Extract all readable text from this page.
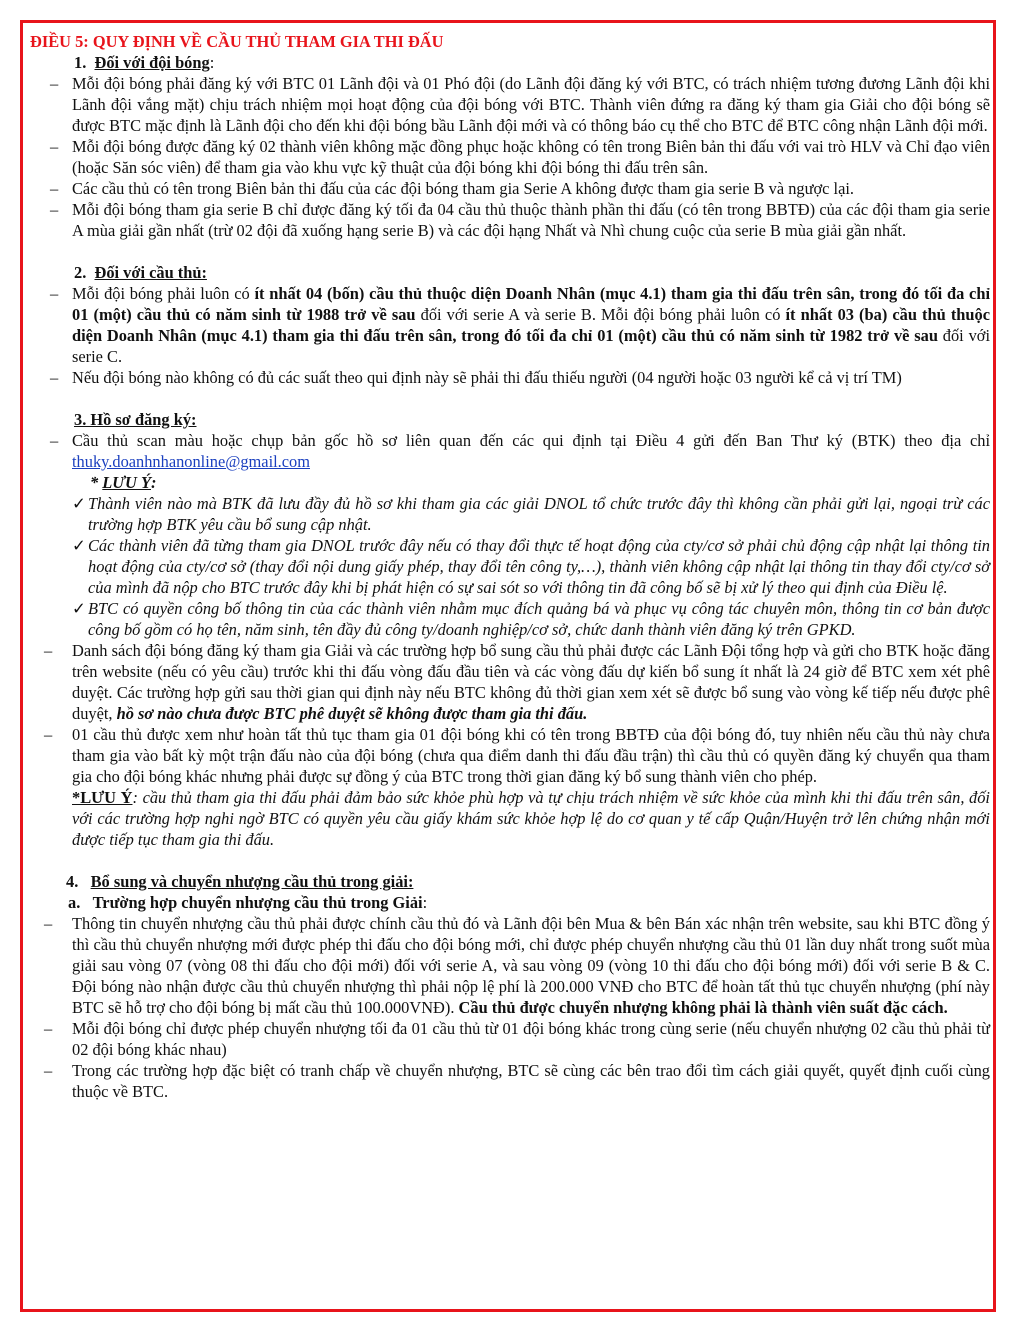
ĐIỀU 5: QUY ĐỊNH VỀ CẦU THỦ THAM GIA THI ĐẤU

1. Đối với đội bóng:
– Mỗi đội bóng phải đăng ký với BTC 01 Lãnh đội và 01 Phó đội (do Lãnh đội đăng ký với BTC, có trách nhiệm tương đương Lãnh đội khi Lãnh đội vắng mặt) chịu trách nhiệm mọi hoạt động của đội bóng với BTC. Thành viên đứng ra đăng ký tham gia Giải cho đội bóng sẽ được BTC mặc định là Lãnh đội cho đến khi đội bóng bầu Lãnh đội mới và có thông báo cụ thể cho BTC để BTC công nhận Lãnh đội mới.
– Mỗi đội bóng được đăng ký 02 thành viên không mặc đồng phục hoặc không có tên trong Biên bản thi đấu với vai trò HLV và Chỉ đạo viên (hoặc Săn sóc viên) để tham gia vào khu vực kỹ thuật của đội bóng khi đội bóng thi đấu trên sân.
– Các cầu thủ có tên trong Biên bản thi đấu của các đội bóng tham gia Serie A không được tham gia serie B và ngược lại.
– Mỗi đội bóng tham gia serie B chỉ được đăng ký tối đa 04 cầu thủ thuộc thành phần thi đấu (có tên trong BBTĐ) của các đội tham gia serie A mùa giải gần nhất (trừ 02 đội đã xuống hạng serie B) và các đội hạng Nhất và Nhì chung cuộc của serie B mùa giải gần nhất.
2. Đối với cầu thủ:
– Mỗi đội bóng phải luôn có ít nhất 04 (bốn) cầu thủ thuộc diện Doanh Nhân (mục 4.1) tham gia thi đấu trên sân, trong đó tối đa chỉ 01 (một) cầu thủ có năm sinh từ 1988 trở về sau đối với serie A và serie B. Mỗi đội bóng phải luôn có ít nhất 03 (ba) cầu thủ thuộc diện Doanh Nhân (mục 4.1) tham gia thi đấu trên sân, trong đó tối đa chỉ 01 (một) cầu thủ có năm sinh từ 1982 trở về sau đối với serie C.
– Nếu đội bóng nào không có đủ các suất theo qui định này sẽ phải thi đấu thiếu người (04 người hoặc 03 người kể cả vị trí TM)
3. Hồ sơ đăng ký:
– Cầu thủ scan màu hoặc chụp bản gốc hồ sơ liên quan đến các qui định tại Điều 4 gửi đến Ban Thư ký (BTK) theo địa chỉ thuky.doanhnhanonline@gmail.com
* LƯU Ý:
✓ Thành viên nào mà BTK đã lưu đầy đủ hồ sơ khi tham gia các giải DNOL tổ chức trước đây thì không cần phải gửi lại, ngoại trừ các trường hợp BTK yêu cầu bổ sung cập nhật.
✓ Các thành viên đã từng tham gia DNOL trước đây nếu có thay đổi thực tế hoạt động của cty/cơ sở phải chủ động cập nhật lại thông tin hoạt động của cty/cơ sở (thay đổi nội dung giấy phép, thay đổi tên công ty,…), thành viên không cập nhật lại thông tin thay đổi cty/cơ sở của mình đã nộp cho BTC trước đây khi bị phát hiện có sự sai sót so với thông tin đã công bố sẽ bị xử lý theo qui định của Điều lệ.
✓ BTC có quyền công bố thông tin của các thành viên nhằm mục đích quảng bá và phục vụ công tác chuyên môn, thông tin cơ bản được công bố gồm có họ tên, năm sinh, tên đầy đủ công ty/doanh nghiệp/cơ sở, chức danh thành viên đăng ký trên GPKD.
– Danh sách đội bóng đăng ký tham gia Giải và các trường hợp bổ sung cầu thủ phải được các Lãnh Đội tổng hợp và gửi cho BTK hoặc đăng trên website (nếu có yêu cầu) trước khi thi đấu vòng đấu đầu tiên và các vòng đấu dự kiến bổ sung ít nhất là 24 giờ để BTC xem xét phê duyệt. Các trường hợp gửi sau thời gian qui định này nếu BTC không đủ thời gian xem xét sẽ được bổ sung vào vòng kế tiếp nếu được phê duyệt, hồ sơ nào chưa được BTC phê duyệt sẽ không được tham gia thi đấu.
– 01 cầu thủ được xem như hoàn tất thủ tục tham gia 01 đội bóng khi có tên trong BBTĐ của đội bóng đó, tuy nhiên nếu cầu thủ này chưa tham gia vào bất kỳ một trận đấu nào của đội bóng (chưa qua điểm danh thi đấu đầu trận) thì cầu thủ có quyền đăng ký chuyển qua tham gia cho đội bóng khác nhưng phải được sự đồng ý của BTC trong thời gian đăng ký bổ sung thành viên cho phép.
*LƯU Ý: cầu thủ tham gia thi đấu phải đảm bảo sức khỏe phù hợp và tự chịu trách nhiệm về sức khỏe của mình khi thi đấu trên sân, đối với các trường hợp nghi ngờ BTC có quyền yêu cầu giấy khám sức khỏe hợp lệ do cơ quan y tế cấp Quận/Huyện trở lên chứng nhận mới được tiếp tục tham gia thi đấu.
4. Bổ sung và chuyển nhượng cầu thủ trong giải:
a. Trường hợp chuyển nhượng cầu thủ trong Giải:
– Thông tin chuyển nhượng cầu thủ phải được chính cầu thủ đó và Lãnh đội bên Mua & bên Bán xác nhận trên website, sau khi BTC đồng ý thì cầu thủ chuyển nhượng mới được phép thi đấu cho đội bóng mới, chỉ được phép chuyển nhượng cầu thủ 01 lần duy nhất trong suốt mùa giải sau vòng 07 (vòng 08 thi đấu cho đội mới) đối với serie A, và sau vòng 09 (vòng 10 thi đấu cho đội bóng mới) đối với serie B & C. Đội bóng nào nhận được cầu thủ chuyển nhượng thì phải nộp lệ phí là 200.000 VNĐ cho BTC để hoàn tất thủ tục chuyển nhượng (phí này BTC sẽ hỗ trợ cho đội bóng bị mất cầu thủ 100.000VNĐ). Cầu thủ được chuyển nhượng không phải là thành viên suất đặc cách.
– Mỗi đội bóng chỉ được phép chuyển nhượng tối đa 01 cầu thủ từ 01 đội bóng khác trong cùng serie (nếu chuyển nhượng 02 cầu thủ phải từ 02 đội bóng khác nhau)
– Trong các trường hợp đặc biệt có tranh chấp về chuyển nhượng, BTC sẽ cùng các bên trao đổi tìm cách giải quyết, quyết định cuối cùng thuộc về BTC.
